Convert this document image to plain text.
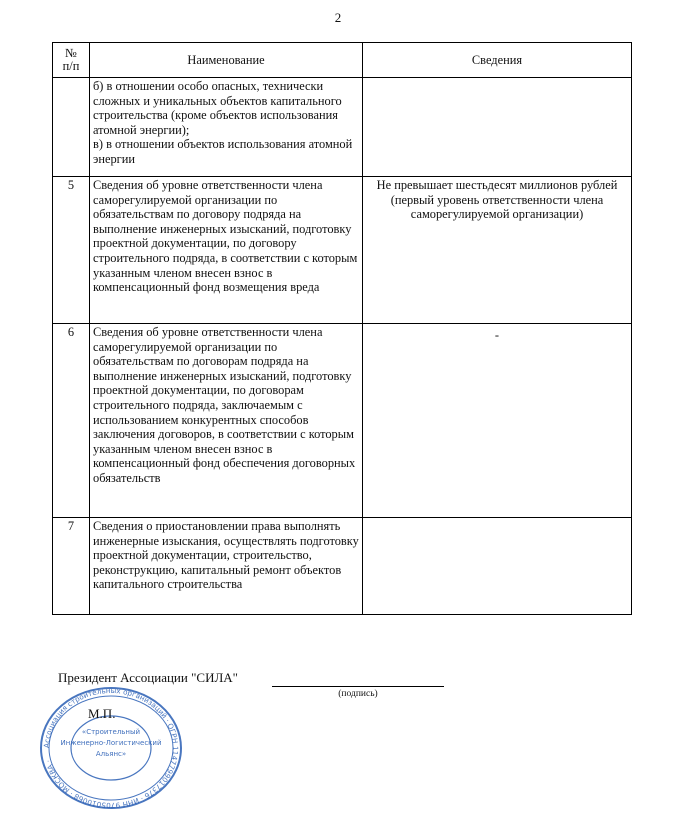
2
№
п/п	Наименование	Сведения

	б) в отношении особо опасных, технически сложных и уникальных объектов капитального строительства (кроме объектов использования атомной энергии);
в) в отношении объектов использования атомной энергии	

5	Сведения об уровне ответственности члена саморегулируемой организации по обязательствам по договору подряда на выполнение инженерных изысканий, подготовку проектной документации, по договору строительного подряда, в соответствии с которым указанным членом внесен взнос в компенсационный фонд возмещения вреда	Не превышает шестьдесят миллионов рублей (первый уровень ответственности члена саморегулируемой организации)
6	Сведения об уровне ответственности члена саморегулируемой организации по обязательствам по договорам подряда на выполнение инженерных изысканий, подготовку проектной документации, по договорам строительного подряда, заключаемым с использованием конкурентных способов заключения договоров, в соответствии с которым указанным членом внесен взнос в компенсационный фонд обеспечения договорных обязательств	-

7	Сведения о приостановлении права выполнять инженерные изыскания, осуществлять подготовку проектной документации, строительство, реконструкцию, капитальный ремонт объектов капитального строительства	
Ассоциация строительных организаций · ОГРН 1147799017376 · ИНН 9705010068 · МОСКВА ·
«Строительный
Инженерно-Логистический
Альянс»
М.П.
Президент Ассоциации "СИЛА"
(подпись)
